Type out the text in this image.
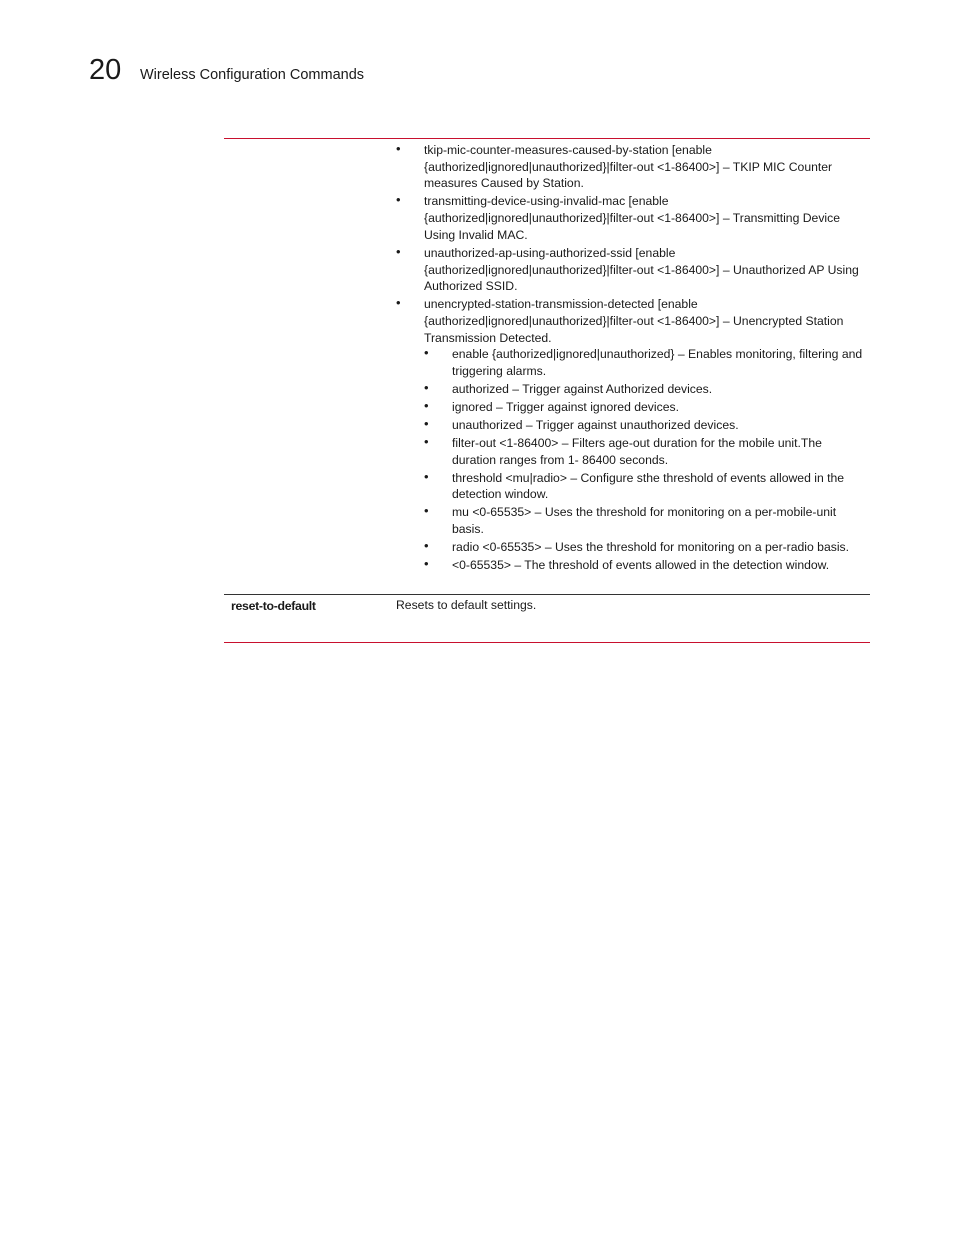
20 Wireless Configuration Commands
• tkip-mic-counter-measures-caused-by-station [enable {authorized|ignored|unauthorized}|filter-out <1-86400>] – TKIP MIC Counter measures Caused by Station.
• transmitting-device-using-invalid-mac [enable {authorized|ignored|unauthorized}|filter-out <1-86400>] – Transmitting Device Using Invalid MAC.
• unauthorized-ap-using-authorized-ssid [enable {authorized|ignored|unauthorized}|filter-out <1-86400>] – Unauthorized AP Using Authorized SSID.
• unencrypted-station-transmission-detected [enable {authorized|ignored|unauthorized}|filter-out <1-86400>] – Unencrypted Station Transmission Detected.
• enable {authorized|ignored|unauthorized} – Enables monitoring, filtering and triggering alarms.
• authorized – Trigger against Authorized devices.
• ignored – Trigger against ignored devices.
• unauthorized – Trigger against unauthorized devices.
• filter-out <1-86400> – Filters age-out duration for the mobile unit.The duration ranges from 1- 86400 seconds.
• threshold <mu|radio> – Configure sthe threshold of events allowed in the detection window.
• mu <0-65535> – Uses the threshold for monitoring on a per-mobile-unit basis.
• radio <0-65535> – Uses the threshold for monitoring on a per-radio basis.
• <0-65535> – The threshold of events allowed in the detection window.
reset-to-default	Resets to default settings.
